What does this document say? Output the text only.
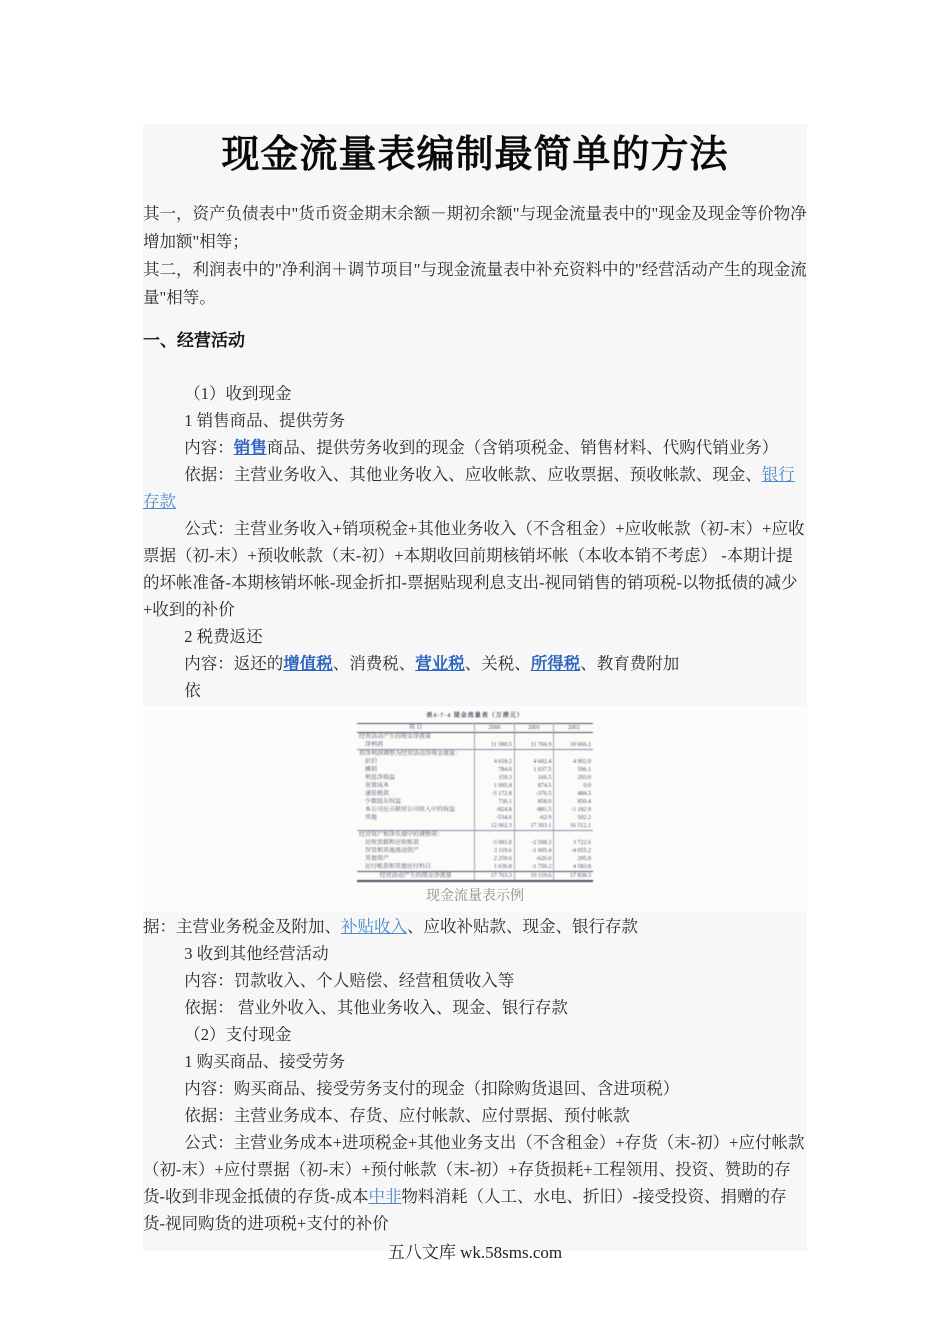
现金流量表编制最简单的方法

其一，资产负债表中"货币资金期末余额－期初余额"与现金流量表中的"现金及现金等价物净增加额"相等；

其二，利润表中的"净利润＋调节项目"与现金流量表中补充资料中的"经营活动产生的现金流量"相等。

一、经营活动

（1）收到现金

1 销售商品、提供劳务

内容：销售商品、提供劳务收到的现金（含销项税金、销售材料、代购代销业务）

依据：主营业务收入、其他业务收入、应收帐款、应收票据、预收帐款、现金、银行存款

公式：主营业务收入+销项税金+其他业务收入（不含租金）+应收帐款（初-末）+应收票据（初-末）+预收帐款（末-初）+本期收回前期核销坏帐（本收本销不考虑） -本期计提的坏帐准备-本期核销坏帐-现金折扣-票据贴现利息支出-视同销售的销项税-以物抵债的减少+收到的补价

2 税费返还

内容：返还的增值税、消费税、营业税、关税、所得税、教育费附加

依

表4-7-4 现金流量表（万港元）
项 目	2000	2001	2002
经营活动产生的现金净流量			
净利润	11 580.5	11 766.9	10 666.2
将净利润调整为经营活动净现金流量：			
折旧	4 618.2	4 602.4	4 902.0
摊销	784.0	1 037.5	596.1
利息净损益	159.3	166.5	293.0
重置成本	1 095.8	874.5	0.0
递延税款	-5 172.8	-376.5	484.5
少数股东权益	736.1	858.0	850.4
本公司应占联营公司收入中的权益	-824.8	-881.5	-1 182.9
其他	-534.0	-62.9	502.2
	12 062.3	17 303.1	16 512.1
经营资产和净负债中的调整项：			
应收票据和应收帐款	-3 081.0	-2 598.3	3 722.6
存货和其他流动资产	3 119.6	-1 605.4	-4 055.2
其他资产	2 259.6	-626.0	295.0
应付帐款和其他应付科目	1 636.8	-1 750.2	4 583.8
经营活动产生的现金净流量	17 763.3	10 119.6	17 838.3
现金流量表示例

据：主营业务税金及附加、补贴收入、应收补贴款、现金、银行存款

3 收到其他经营活动

内容：罚款收入、个人赔偿、经营租赁收入等

依据： 营业外收入、其他业务收入、现金、银行存款

（2）支付现金

1 购买商品、接受劳务

内容：购买商品、接受劳务支付的现金（扣除购货退回、含进项税）

依据：主营业务成本、存货、应付帐款、应付票据、预付帐款

公式：主营业务成本+进项税金+其他业务支出（不含租金）+存货（末-初）+应付帐款（初-末）+应付票据（初-末）+预付帐款（末-初）+存货损耗+工程领用、投资、赞助的存货-收到非现金抵债的存货-成本中非物料消耗（人工、水电、折旧）-接受投资、捐赠的存货-视同购货的进项税+支付的补价

五八文库 wk.58sms.com
